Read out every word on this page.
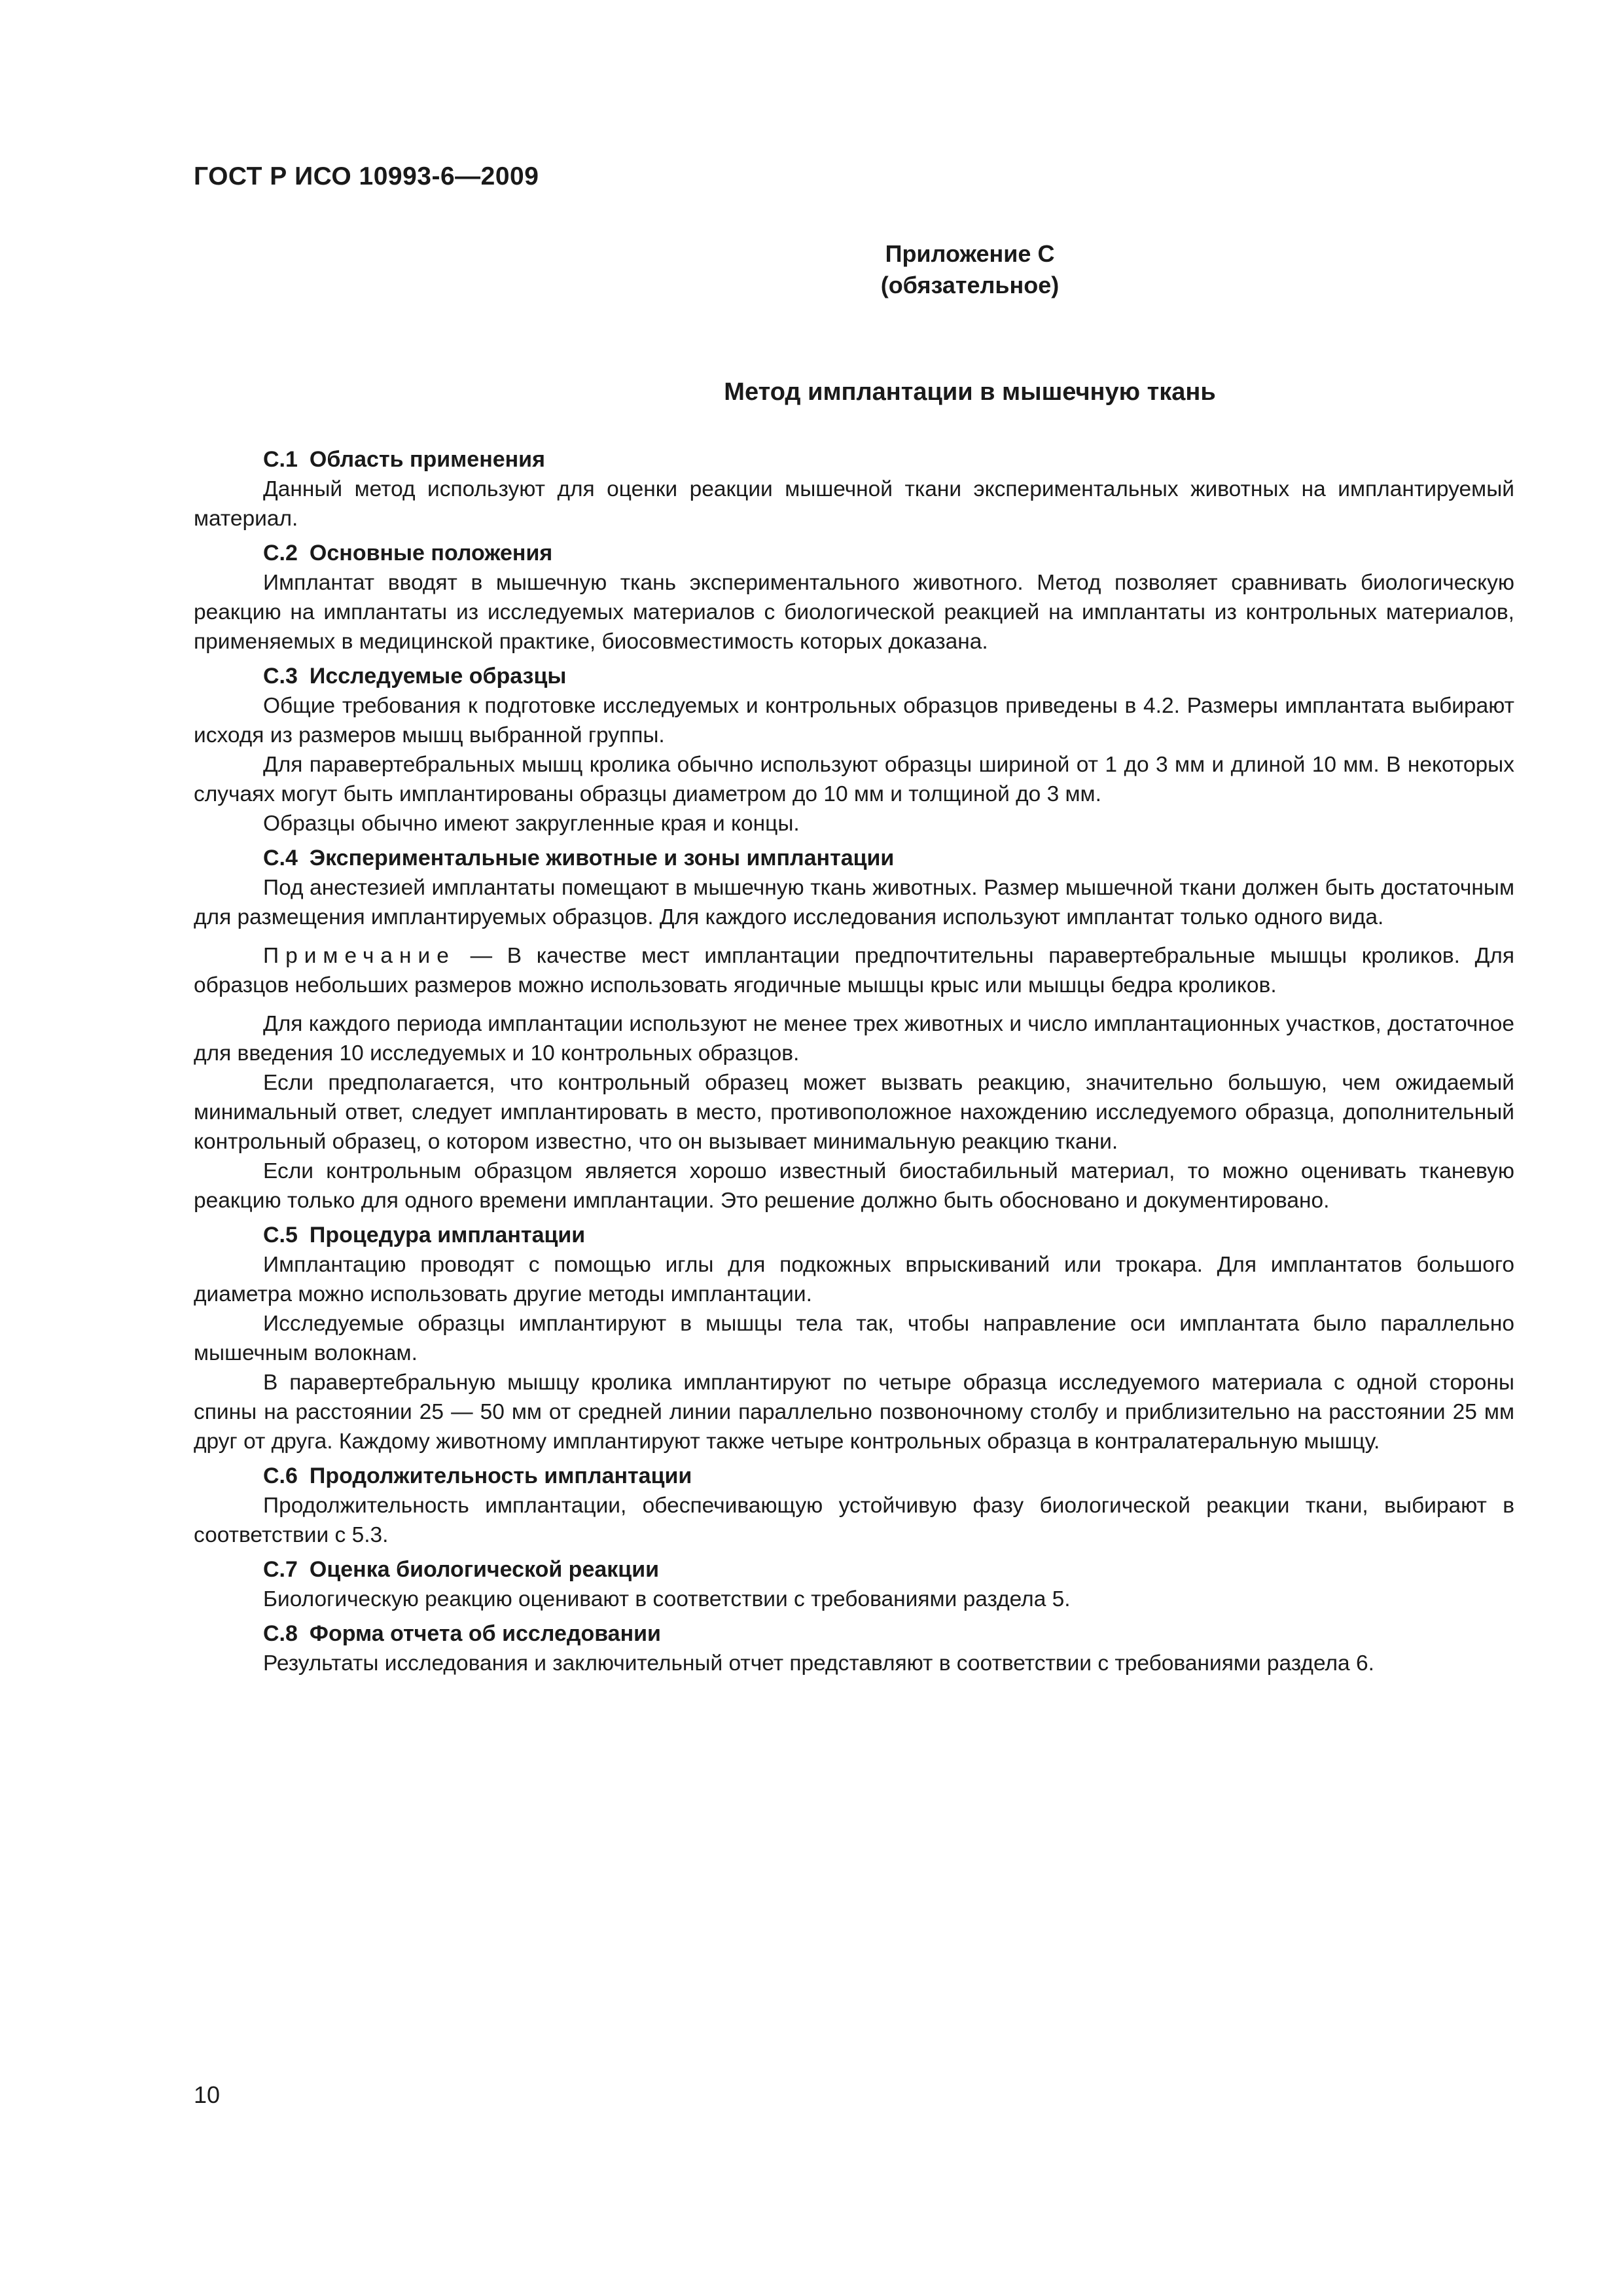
ГОСТ Р ИСО 10993-6—2009
Приложение С
(обязательное)
Метод имплантации в мышечную ткань

С.1 Область применения

Данный метод используют для оценки реакции мышечной ткани экспериментальных животных на имплантируемый материал.

С.2 Основные положения

Имплантат вводят в мышечную ткань экспериментального животного. Метод позволяет сравнивать биологическую реакцию на имплантаты из исследуемых материалов с биологической реакцией на имплантаты из контрольных материалов, применяемых в медицинской практике, биосовместимость которых доказана.

С.3 Исследуемые образцы

Общие требования к подготовке исследуемых и контрольных образцов приведены в 4.2. Размеры имплантата выбирают исходя из размеров мышц выбранной группы.

Для паравертебральных мышц кролика обычно используют образцы шириной от 1 до 3 мм и длиной 10 мм. В некоторых случаях могут быть имплантированы образцы диаметром до 10 мм и толщиной до 3 мм.

Образцы обычно имеют закругленные края и концы.

С.4 Экспериментальные животные и зоны имплантации

Под анестезией имплантаты помещают в мышечную ткань животных. Размер мышечной ткани должен быть достаточным для размещения имплантируемых образцов. Для каждого исследования используют имплантат только одного вида.

Примечание — В качестве мест имплантации предпочтительны паравертебральные мышцы кроликов. Для образцов небольших размеров можно использовать ягодичные мышцы крыс или мышцы бедра кроликов.

Для каждого периода имплантации используют не менее трех животных и число имплантационных участков, достаточное для введения 10 исследуемых и 10 контрольных образцов.

Если предполагается, что контрольный образец может вызвать реакцию, значительно большую, чем ожидаемый минимальный ответ, следует имплантировать в место, противоположное нахождению исследуемого образца, дополнительный контрольный образец, о котором известно, что он вызывает минимальную реакцию ткани.

Если контрольным образцом является хорошо известный биостабильный материал, то можно оценивать тканевую реакцию только для одного времени имплантации. Это решение должно быть обосновано и документировано.

С.5 Процедура имплантации

Имплантацию проводят с помощью иглы для подкожных впрыскиваний или трокара. Для имплантатов большого диаметра можно использовать другие методы имплантации.

Исследуемые образцы имплантируют в мышцы тела так, чтобы направление оси имплантата было параллельно мышечным волокнам.

В паравертебральную мышцу кролика имплантируют по четыре образца исследуемого материала с одной стороны спины на расстоянии 25 — 50 мм от средней линии параллельно позвоночному столбу и приблизительно на расстоянии 25 мм друг от друга. Каждому животному имплантируют также четыре контрольных образца в контралатеральную мышцу.

С.6 Продолжительность имплантации

Продолжительность имплантации, обеспечивающую устойчивую фазу биологической реакции ткани, выбирают в соответствии с 5.3.

С.7 Оценка биологической реакции

Биологическую реакцию оценивают в соответствии с требованиями раздела 5.

С.8 Форма отчета об исследовании

Результаты исследования и заключительный отчет представляют в соответствии с требованиями раздела 6.

10
